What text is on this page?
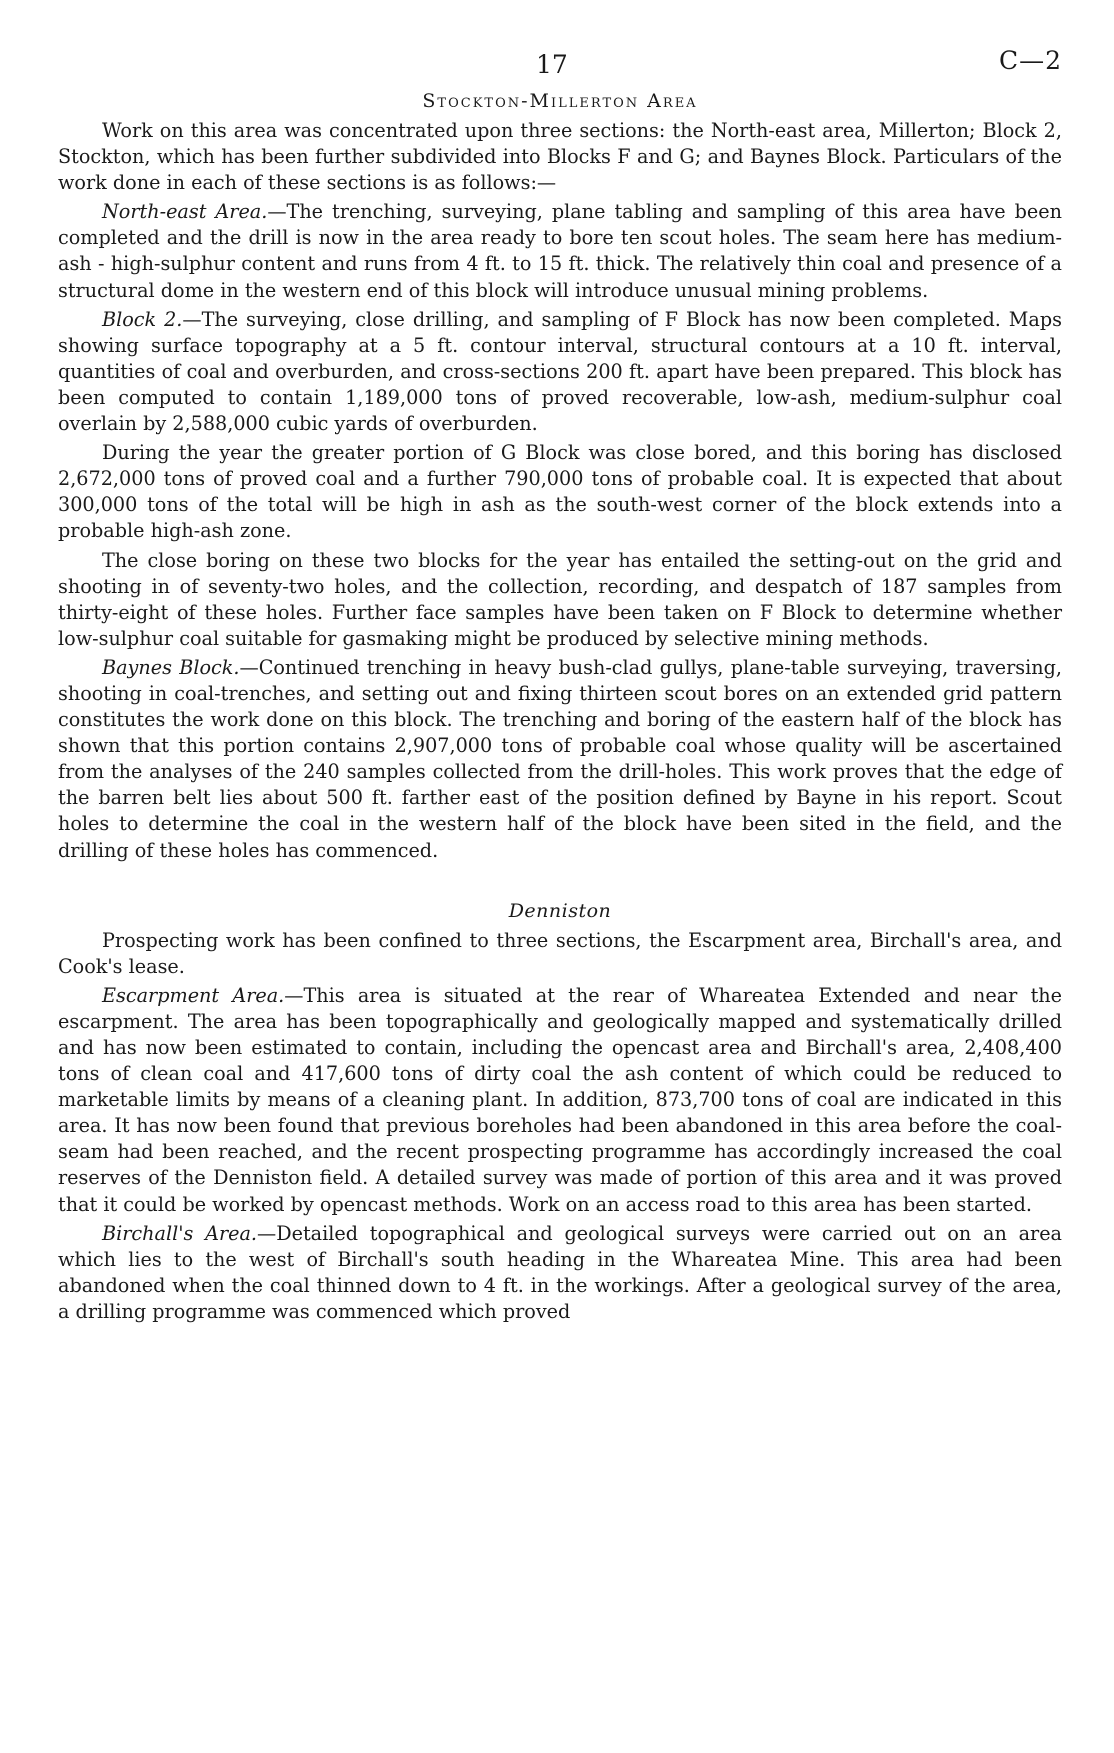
17	C—2
Stockton-Millerton Area

Work on this area was concentrated upon three sections: the North-east area, Millerton; Block 2, Stockton, which has been further subdivided into Blocks F and G; and Baynes Block. Particulars of the work done in each of these sections is as follows:—

North-east Area.—The trenching, surveying, plane tabling and sampling of this area have been completed and the drill is now in the area ready to bore ten scout holes. The seam here has medium-ash - high-sulphur content and runs from 4 ft. to 15 ft. thick. The relatively thin coal and presence of a structural dome in the western end of this block will introduce unusual mining problems.

Block 2.—The surveying, close drilling, and sampling of F Block has now been completed. Maps showing surface topography at a 5 ft. contour interval, structural contours at a 10 ft. interval, quantities of coal and overburden, and cross-sections 200 ft. apart have been prepared. This block has been computed to contain 1,189,000 tons of proved recoverable, low-ash, medium-sulphur coal overlain by 2,588,000 cubic yards of overburden.

During the year the greater portion of G Block was close bored, and this boring has disclosed 2,672,000 tons of proved coal and a further 790,000 tons of probable coal. It is expected that about 300,000 tons of the total will be high in ash as the south-west corner of the block extends into a probable high-ash zone.

The close boring on these two blocks for the year has entailed the setting-out on the grid and shooting in of seventy-two holes, and the collection, recording, and despatch of 187 samples from thirty-eight of these holes. Further face samples have been taken on F Block to determine whether low-sulphur coal suitable for gasmaking might be produced by selective mining methods.

Baynes Block.—Continued trenching in heavy bush-clad gullys, plane-table surveying, traversing, shooting in coal-trenches, and setting out and fixing thirteen scout bores on an extended grid pattern constitutes the work done on this block. The trenching and boring of the eastern half of the block has shown that this portion contains 2,907,000 tons of probable coal whose quality will be ascertained from the analyses of the 240 samples collected from the drill-holes. This work proves that the edge of the barren belt lies about 500 ft. farther east of the position defined by Bayne in his report. Scout holes to determine the coal in the western half of the block have been sited in the field, and the drilling of these holes has commenced.

Denniston

Prospecting work has been confined to three sections, the Escarpment area, Birchall's area, and Cook's lease.

Escarpment Area.—This area is situated at the rear of Whareatea Extended and near the escarpment. The area has been topographically and geologically mapped and systematically drilled and has now been estimated to contain, including the opencast area and Birchall's area, 2,408,400 tons of clean coal and 417,600 tons of dirty coal the ash content of which could be reduced to marketable limits by means of a cleaning plant. In addition, 873,700 tons of coal are indicated in this area. It has now been found that previous boreholes had been abandoned in this area before the coal-seam had been reached, and the recent prospecting programme has accordingly increased the coal reserves of the Denniston field. A detailed survey was made of portion of this area and it was proved that it could be worked by opencast methods. Work on an access road to this area has been started.

Birchall's Area.—Detailed topographical and geological surveys were carried out on an area which lies to the west of Birchall's south heading in the Whareatea Mine. This area had been abandoned when the coal thinned down to 4 ft. in the workings. After a geological survey of the area, a drilling programme was commenced which proved
